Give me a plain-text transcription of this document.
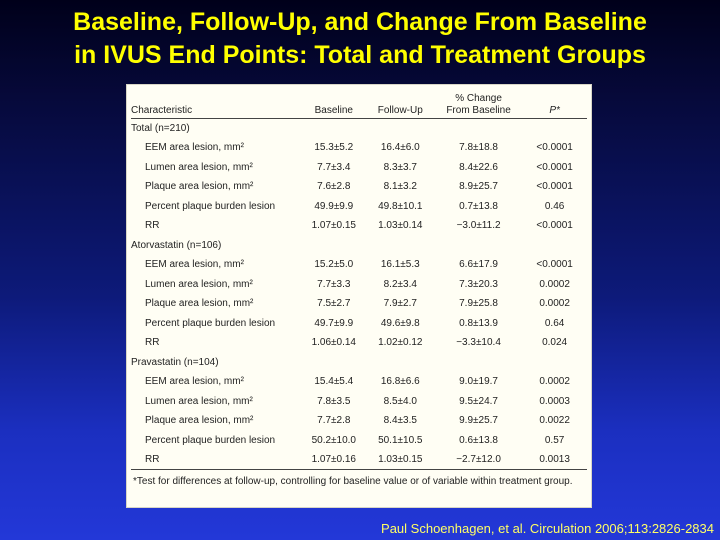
Baseline, Follow-Up, and Change From Baseline
in IVUS End Points: Total and Treatment Groups
Characteristic	Baseline	Follow-Up	% Change
From Baseline	P*
Total (n=210)				
EEM area lesion, mm²	15.3±5.2	16.4±6.0	7.8±18.8	<0.0001
Lumen area lesion, mm²	7.7±3.4	8.3±3.7	8.4±22.6	<0.0001
Plaque area lesion, mm²	7.6±2.8	8.1±3.2	8.9±25.7	<0.0001
Percent plaque burden lesion	49.9±9.9	49.8±10.1	0.7±13.8	0.46
RR	1.07±0.15	1.03±0.14	−3.0±11.2	<0.0001
Atorvastatin (n=106)				
EEM area lesion, mm²	15.2±5.0	16.1±5.3	6.6±17.9	<0.0001
Lumen area lesion, mm²	7.7±3.3	8.2±3.4	7.3±20.3	0.0002
Plaque area lesion, mm²	7.5±2.7	7.9±2.7	7.9±25.8	0.0002
Percent plaque burden lesion	49.7±9.9	49.6±9.8	0.8±13.9	0.64
RR	1.06±0.14	1.02±0.12	−3.3±10.4	0.024
Pravastatin (n=104)				
EEM area lesion, mm²	15.4±5.4	16.8±6.6	9.0±19.7	0.0002
Lumen area lesion, mm²	7.8±3.5	8.5±4.0	9.5±24.7	0.0003
Plaque area lesion, mm²	7.7±2.8	8.4±3.5	9.9±25.7	0.0022
Percent plaque burden lesion	50.2±10.0	50.1±10.5	0.6±13.8	0.57
RR	1.07±0.16	1.03±0.15	−2.7±12.0	0.0013
*Test for differences at follow-up, controlling for baseline value or of variable within treatment group.
Paul Schoenhagen, et al. Circulation 2006;113:2826-2834
